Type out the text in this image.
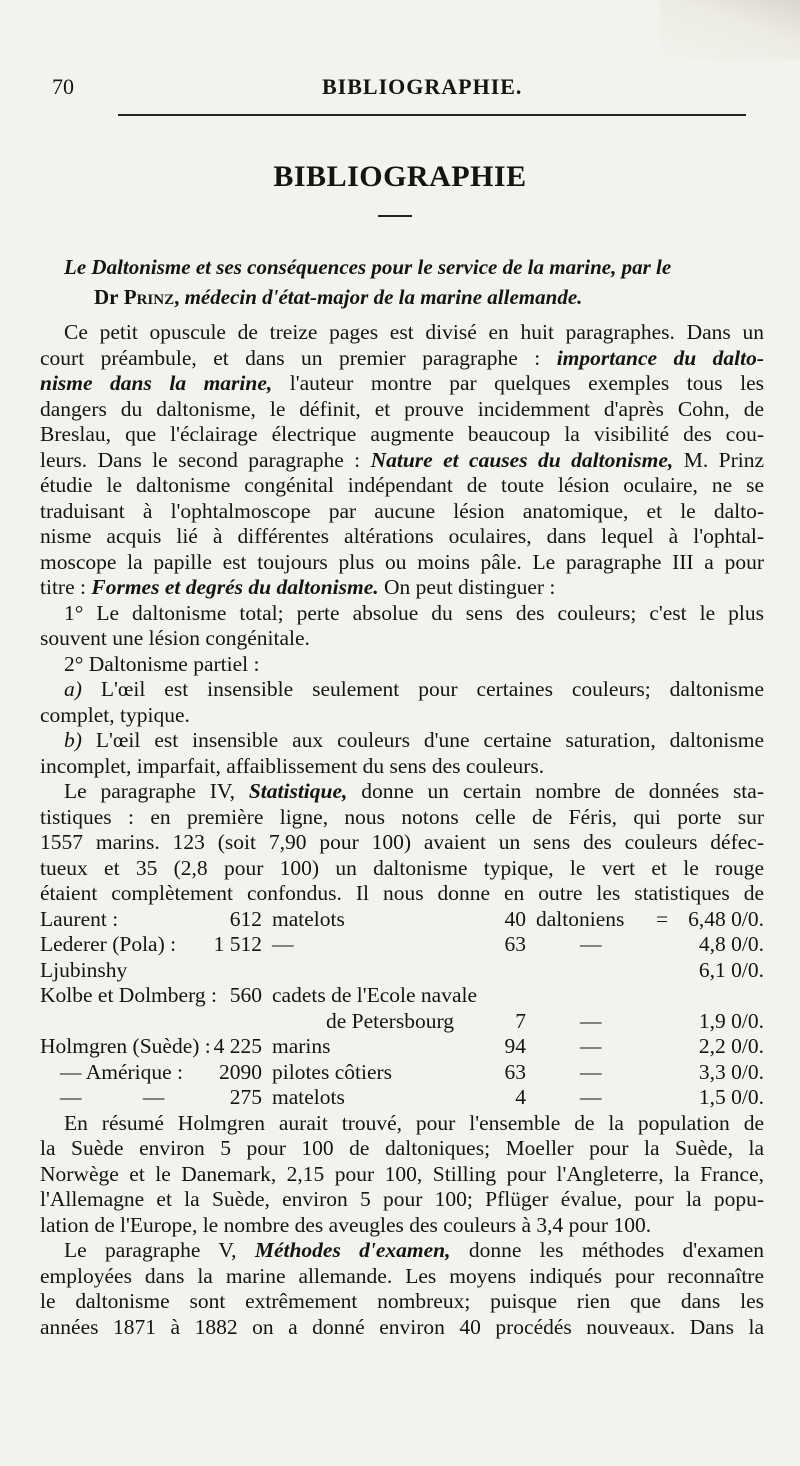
70	BIBLIOGRAPHIE.
BIBLIOGRAPHIE
Le Daltonisme et ses conséquences pour le service de la marine, par le
Dr Prinz, médecin d'état-major de la marine allemande.
Ce petit opuscule de treize pages est divisé en huit paragraphes. Dans un
court préambule, et dans un premier paragraphe : importance du dalto-
nisme dans la marine, l'auteur montre par quelques exemples tous les
dangers du daltonisme, le définit, et prouve incidemment d'après Cohn, de
Breslau, que l'éclairage électrique augmente beaucoup la visibilité des cou-
leurs. Dans le second paragraphe : Nature et causes du daltonisme, M. Prinz
étudie le daltonisme congénital indépendant de toute lésion oculaire, ne se
traduisant à l'ophtalmoscope par aucune lésion anatomique, et le dalto-
nisme acquis lié à différentes altérations oculaires, dans lequel à l'ophtal-
moscope la papille est toujours plus ou moins pâle. Le paragraphe III a pour
titre : Formes et degrés du daltonisme. On peut distinguer :
1° Le daltonisme total; perte absolue du sens des couleurs; c'est le plus
souvent une lésion congénitale.
2° Daltonisme partiel :
a) L'œil est insensible seulement pour certaines couleurs; daltonisme
complet, typique.
b) L'œil est insensible aux couleurs d'une certaine saturation, daltonisme
incomplet, imparfait, affaiblissement du sens des couleurs.
Le paragraphe IV, Statistique, donne un certain nombre de données sta-
tistiques : en première ligne, nous notons celle de Féris, qui porte sur
1557 marins. 123 (soit 7,90 pour 100) avaient un sens des couleurs défec-
tueux et 35 (2,8 pour 100) un daltonisme typique, le vert et le rouge
étaient complètement confondus. Il nous donne en outre les statistiques de
Laurent :	612 matelots	40 daltoniens = 6,48 0/0.
Lederer (Pola) :	1 512 —	63	—	4,8 0/0.
Ljubinshy	6,1 0/0.
Kolbe et Dolmberg : 560 cadets de l'Ecole navale
de Petersbourg	7	—	1,9 0/0.
Holmgren (Suède) : 4 225 marins	94	—	2,2 0/0.
— Amérique :	2090 pilotes côtiers	63	—	3,3 0/0.
— —	275 matelots	4	—	1,5 0/0.
En résumé Holmgren aurait trouvé, pour l'ensemble de la population de
la Suède environ 5 pour 100 de daltoniques; Moeller pour la Suède, la
Norwège et le Danemark, 2,15 pour 100, Stilling pour l'Angleterre, la France,
l'Allemagne et la Suède, environ 5 pour 100; Pflüger évalue, pour la popu-
lation de l'Europe, le nombre des aveugles des couleurs à 3,4 pour 100.
Le paragraphe V, Méthodes d'examen, donne les méthodes d'examen
employées dans la marine allemande. Les moyens indiqués pour reconnaître
le daltonisme sont extrêmement nombreux; puisque rien que dans les
années 1871 à 1882 on a donné environ 40 procédés nouveaux. Dans la
